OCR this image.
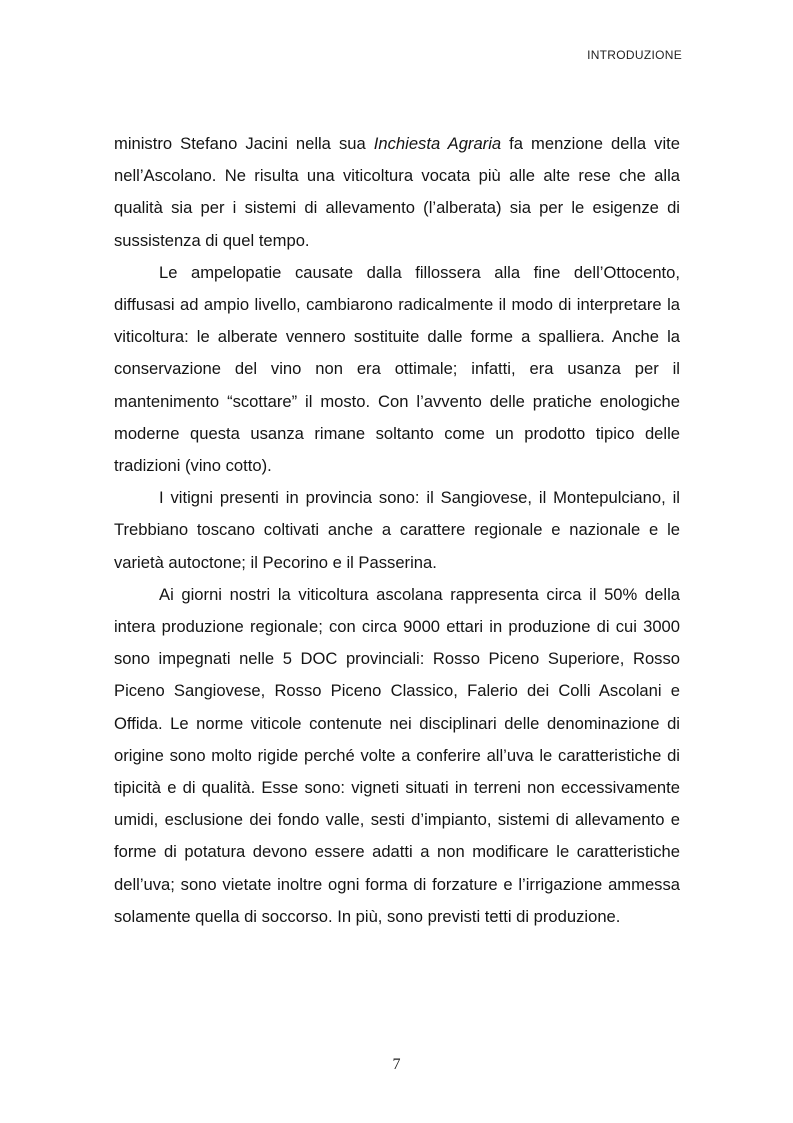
INTRODUZIONE

ministro Stefano Jacini nella sua Inchiesta Agraria fa menzione della vite nell’Ascolano. Ne risulta una viticoltura vocata più alle alte rese che alla qualità sia per i sistemi di allevamento (l’alberata) sia per le esigenze di sussistenza di quel tempo.

Le ampelopatie causate dalla fillossera alla fine dell’Ottocento, diffusasi ad ampio livello, cambiarono radicalmente il modo di interpretare la viticoltura: le alberate vennero sostituite dalle forme a spalliera. Anche la conservazione del vino non era ottimale; infatti, era usanza per il mantenimento “scottare” il mosto. Con l’avvento delle pratiche enologiche moderne questa usanza rimane soltanto come un prodotto tipico delle tradizioni (vino cotto).

I vitigni presenti in provincia sono: il Sangiovese, il Montepulciano, il Trebbiano toscano coltivati anche a carattere regionale e nazionale e le varietà autoctone; il Pecorino e il Passerina.

Ai giorni nostri la viticoltura ascolana rappresenta circa il 50% della intera produzione regionale; con circa 9000 ettari in produzione di cui 3000 sono impegnati nelle 5 DOC provinciali: Rosso Piceno Superiore, Rosso Piceno Sangiovese, Rosso Piceno Classico, Falerio dei Colli Ascolani e Offida. Le norme viticole contenute nei disciplinari delle denominazione di origine sono molto rigide perché volte a conferire all’uva le caratteristiche di tipicità e di qualità. Esse sono: vigneti situati in terreni non eccessivamente umidi, esclusione dei fondo valle, sesti d’impianto, sistemi di allevamento e forme di potatura devono essere adatti a non modificare le caratteristiche dell’uva; sono vietate inoltre ogni forma di forzature e l’irrigazione ammessa solamente quella di soccorso. In più, sono previsti tetti di produzione.

7
